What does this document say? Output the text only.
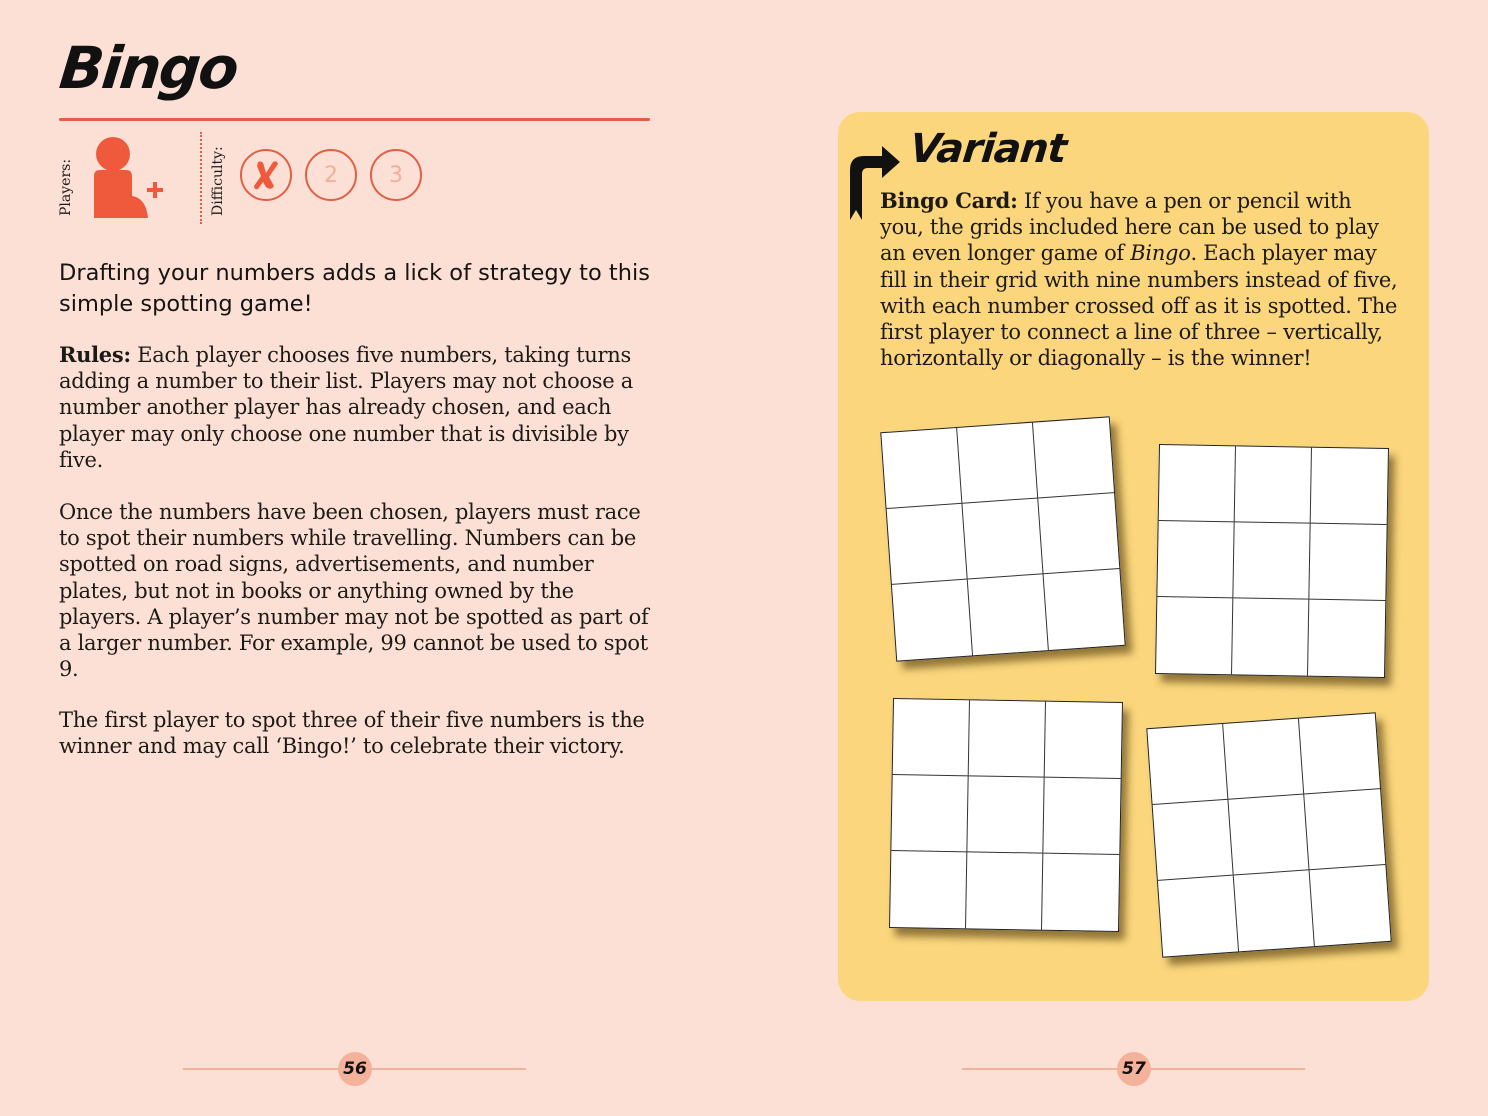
Bingo
Players:	Difficulty:	2 3
Drafting your numbers adds a lick of strategy to this simple spotting game!
Rules: Each player chooses five numbers, taking turns adding a number to their list. Players may not choose a number another player has already chosen, and each player may only choose one number that is divisible by five.
Once the numbers have been chosen, players must race to spot their numbers while travelling. Numbers can be spotted on road signs, advertisements, and number plates, but not in books or anything owned by the players. A player’s number may not be spotted as part of a larger number. For example, 99 cannot be used to spot 9.
The first player to spot three of their five numbers is the winner and may call ‘Bingo!’ to celebrate their victory.
56
Variant
Bingo Card: If you have a pen or pencil with you, the grids included here can be used to play an even longer game of Bingo. Each player may fill in their grid with nine numbers instead of five, with each number crossed off as it is spotted. The first player to connect a line of three – vertically, horizontally or diagonally – is the winner!
57
